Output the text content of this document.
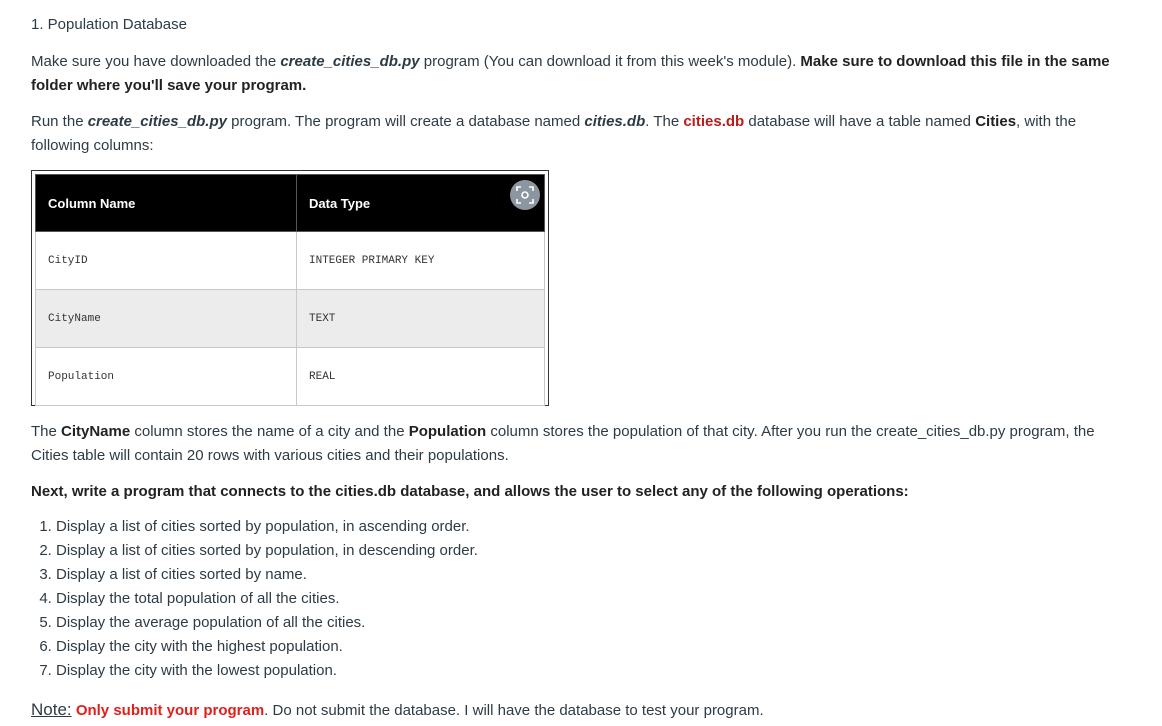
1. Population Database
Make sure you have downloaded the create_cities_db.py program (You can download it from this week's module). Make sure to download this file in the same folder where you'll save your program.
Run the create_cities_db.py program. The program will create a database named cities.db. The cities.db database will have a table named Cities, with the following columns:
Column Name	Data Type
CityID	INTEGER PRIMARY KEY
CityName	TEXT
Population	REAL
The CityName column stores the name of a city and the Population column stores the population of that city. After you run the create_cities_db.py program, the Cities table will contain 20 rows with various cities and their populations.
Next, write a program that connects to the cities.db database, and allows the user to select any of the following operations:
1. Display a list of cities sorted by population, in ascending order.
2. Display a list of cities sorted by population, in descending order.
3. Display a list of cities sorted by name.
4. Display the total population of all the cities.
5. Display the average population of all the cities.
6. Display the city with the highest population.
7. Display the city with the lowest population.
Note: Only submit your program. Do not submit the database. I will have the database to test your program.
